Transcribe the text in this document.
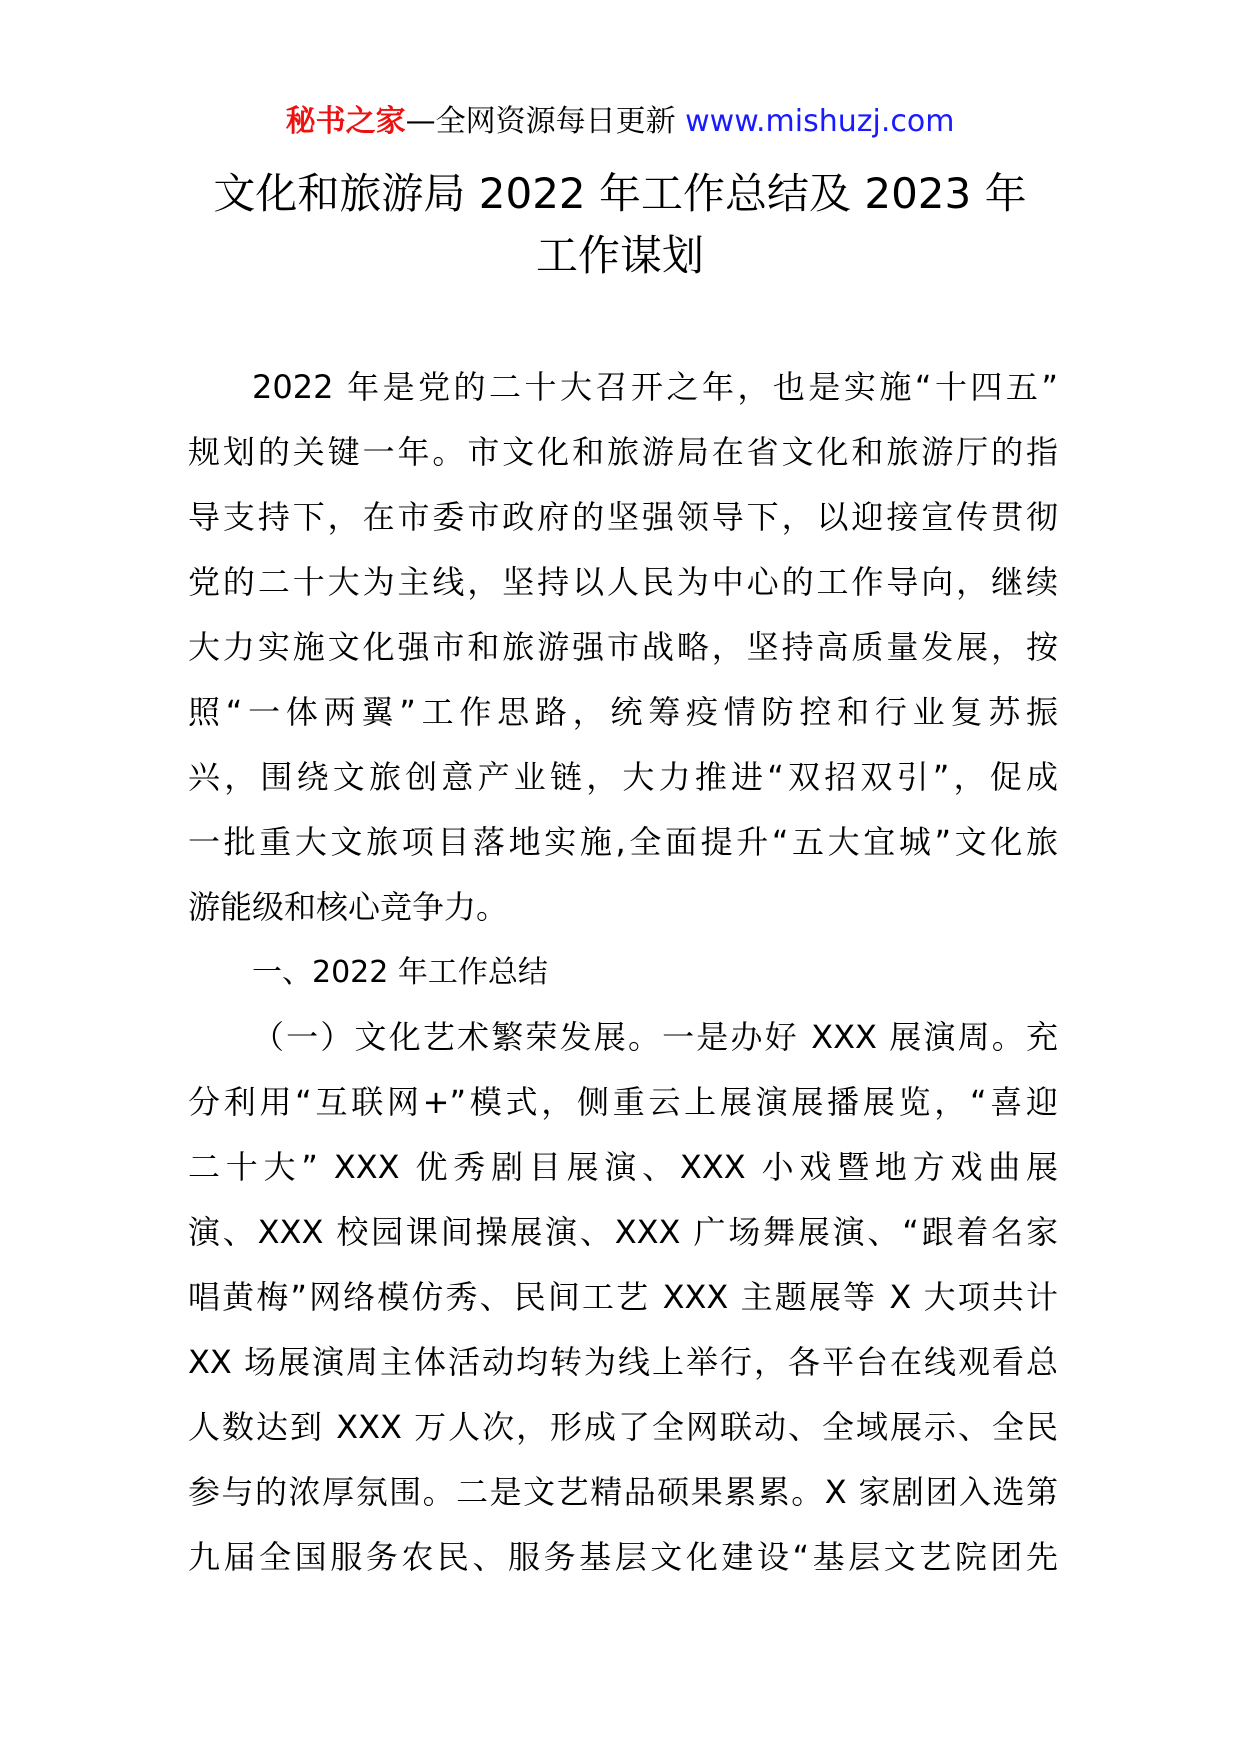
秘书之家—全网资源每日更新 www.mishuzj.com
文化和旅游局 2022 年工作总结及 2023 年
工作谋划
2022 年是党的二十大召开之年，也是实施“十四五”
规划的关键一年。市文化和旅游局在省文化和旅游厅的指
导支持下，在市委市政府的坚强领导下，以迎接宣传贯彻
党的二十大为主线，坚持以人民为中心的工作导向，继续
大力实施文化强市和旅游强市战略，坚持高质量发展，按
照“一体两翼”工作思路，统筹疫情防控和行业复苏振
兴，围绕文旅创意产业链，大力推进“双招双引”，促成
一批重大文旅项目落地实施,全面提升“五大宜城”文化旅
游能级和核心竞争力。
一、2022 年工作总结
（一）文化艺术繁荣发展。一是办好 XXX 展演周。充
分利用“互联网+”模式，侧重云上展演展播展览，“喜迎
二十大” XXX 优秀剧目展演、XXX 小戏暨地方戏曲展
演、XXX 校园课间操展演、XXX 广场舞展演、“跟着名家
唱黄梅”网络模仿秀、民间工艺 XXX 主题展等 X 大项共计
XX 场展演周主体活动均转为线上举行，各平台在线观看总
人数达到 XXX 万人次，形成了全网联动、全域展示、全民
参与的浓厚氛围。二是文艺精品硕果累累。X 家剧团入选第
九届全国服务农民、服务基层文化建设“基层文艺院团先
